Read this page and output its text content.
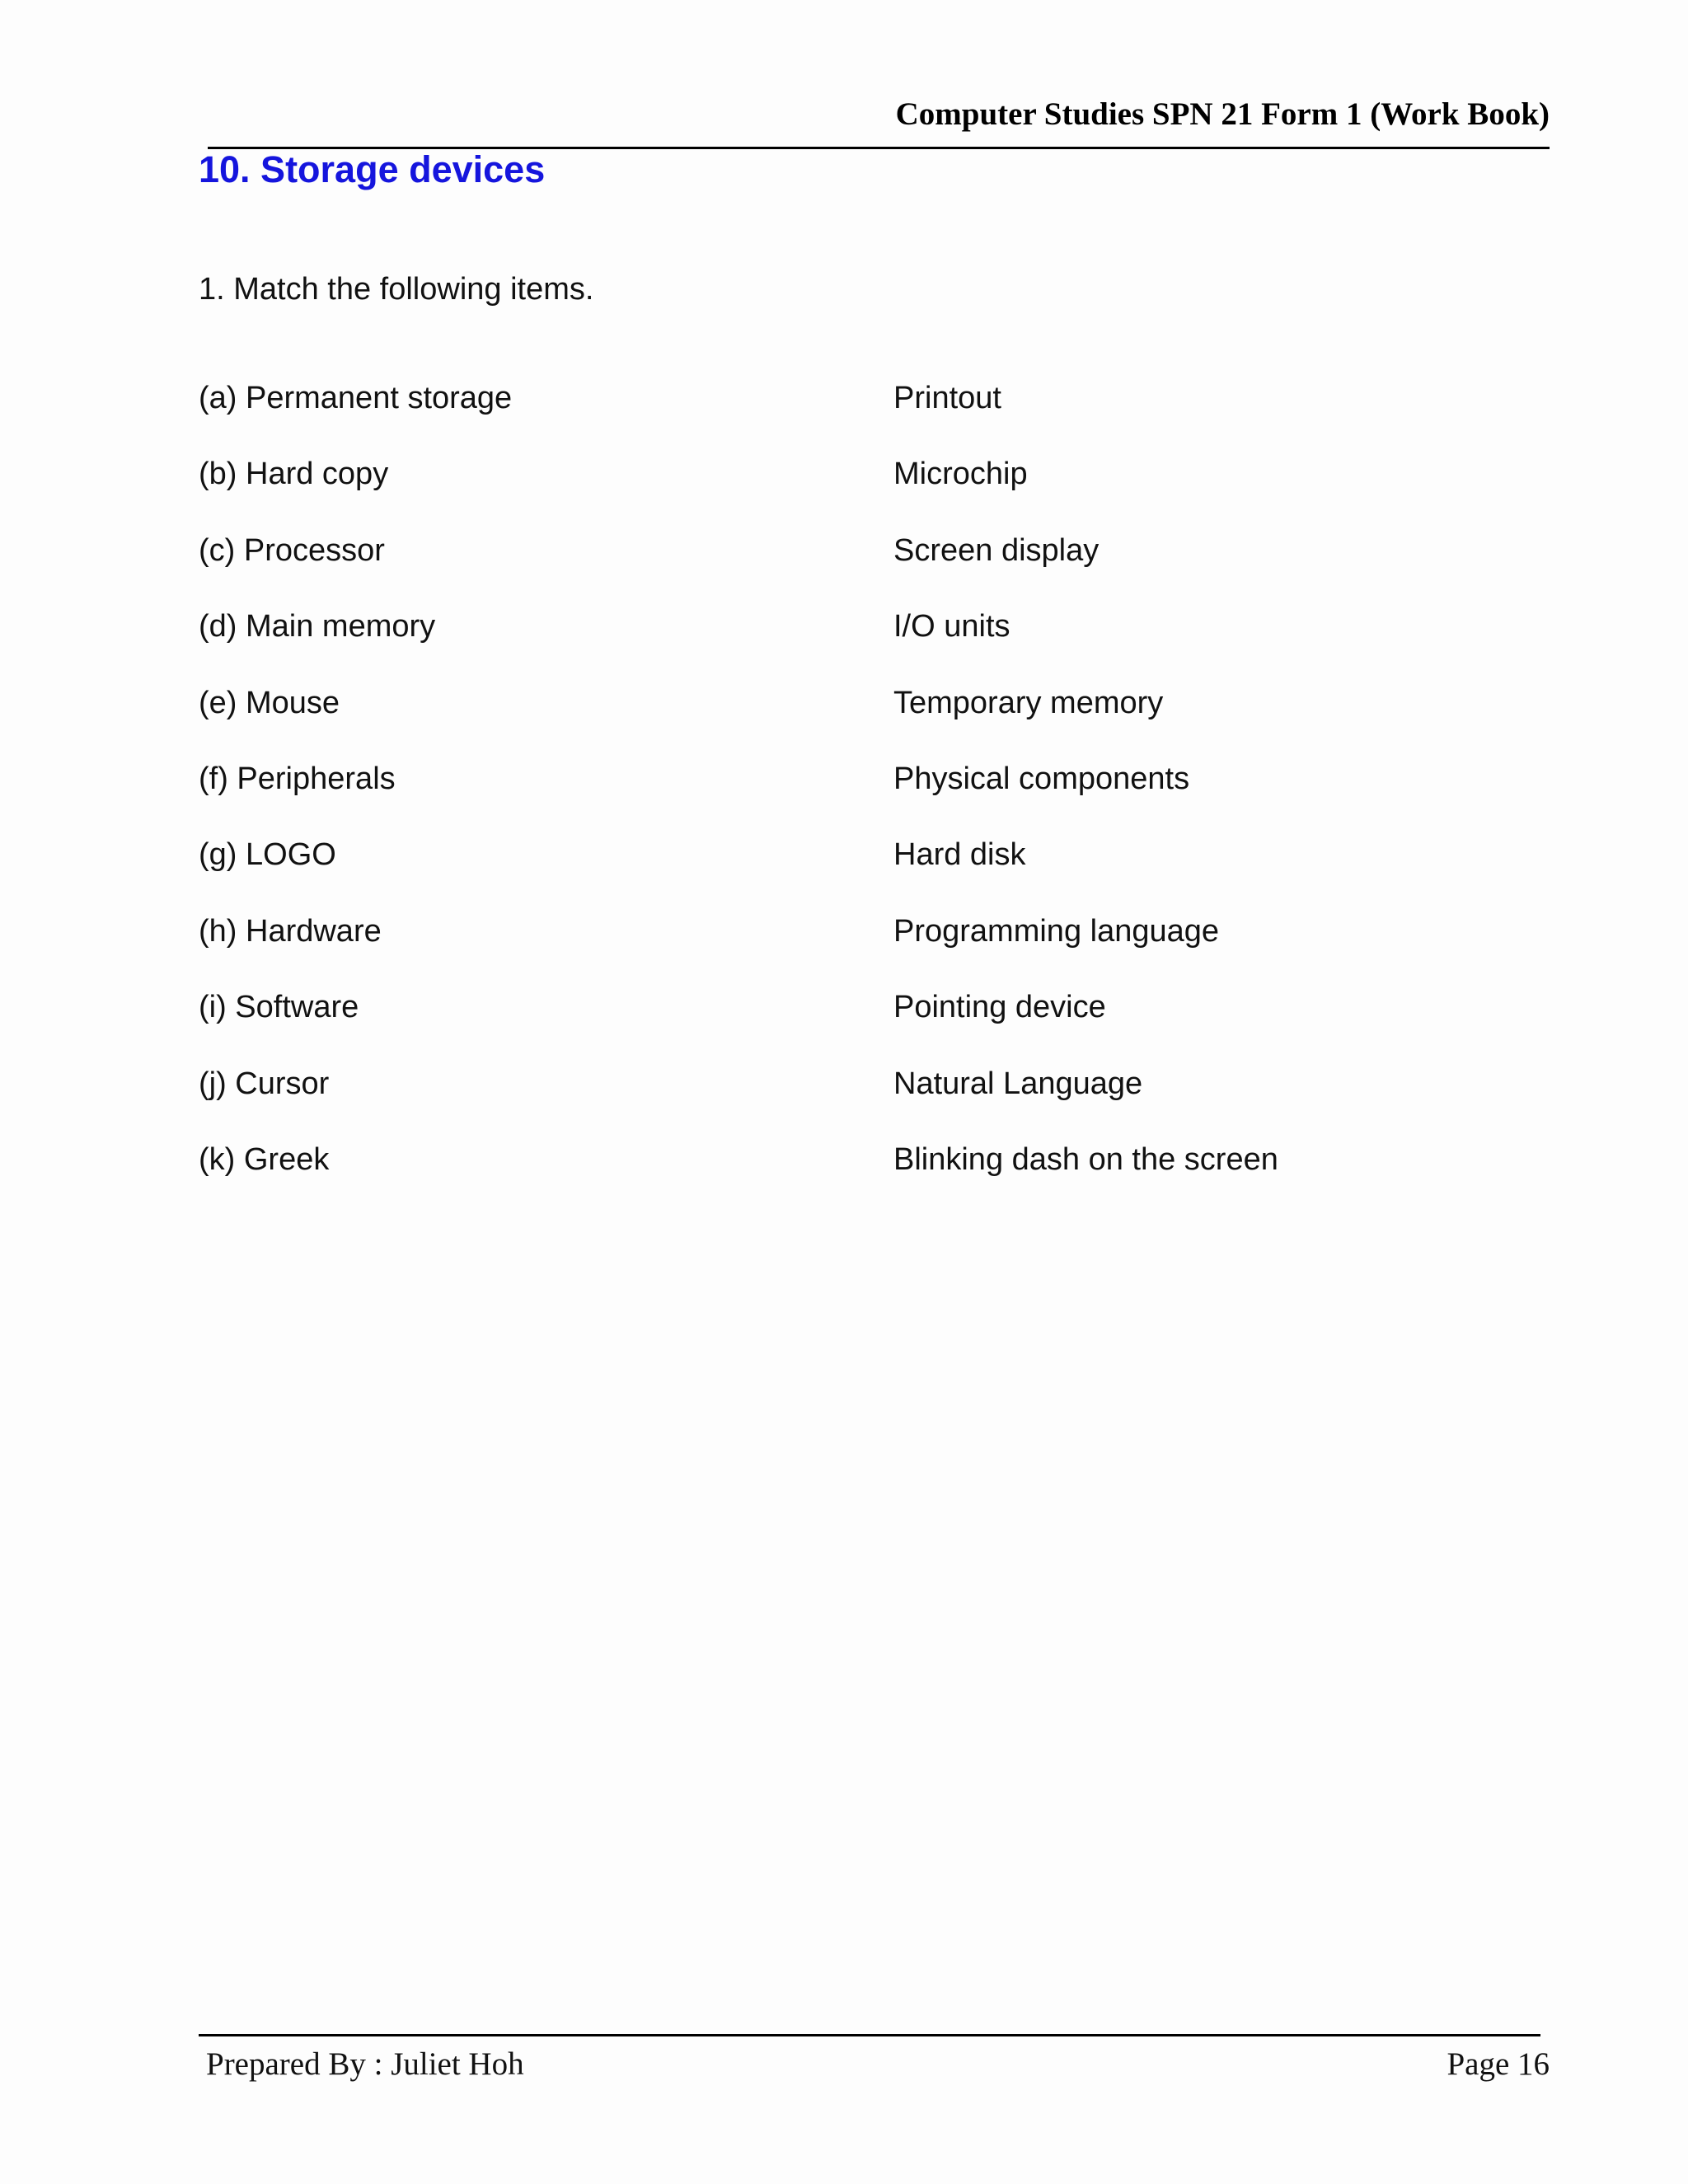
Computer Studies SPN 21 Form 1 (Work Book)
10. Storage devices
1. Match the following items.
(a) Permanent storage	Printout
(b) Hard copy	Microchip
(c) Processor	Screen display
(d) Main memory	I/O units
(e) Mouse	Temporary memory
(f) Peripherals	Physical components
(g) LOGO	Hard disk
(h) Hardware	Programming language
(i) Software	Pointing device
(j) Cursor	Natural Language
(k) Greek	Blinking dash on the screen
Prepared By : Juliet Hoh	Page 16
